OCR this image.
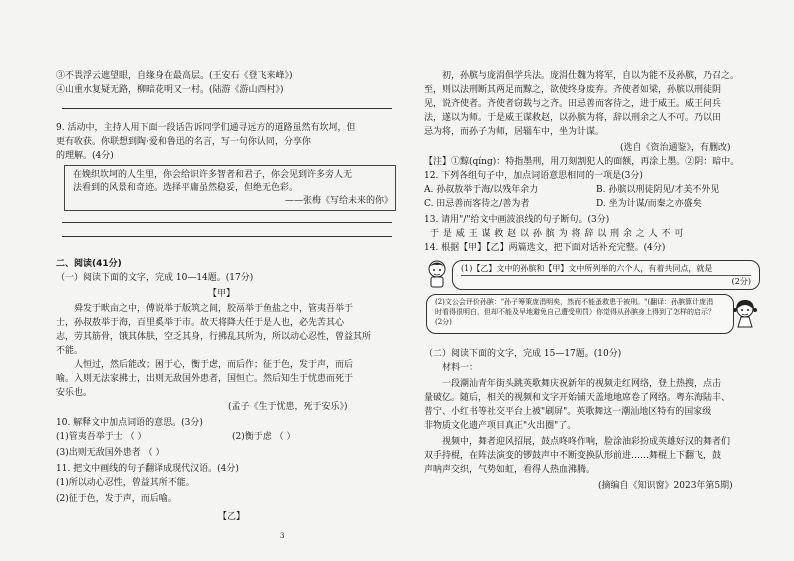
③不畏浮云遮望眼，自缘身在最高层。(王安石《登飞来峰》)
④山重水复疑无路，柳暗花明又一村。(陆游《游山西村》)
9. 活动中，主持人用下面一段话告诉同学们通寻远方的道路虽然有坎坷，但
更有收获。你联想到陶·爱和鲁迅的名言，写一句你认同，分享你
的理解。(4分)
在娩织坎坷的人生里，你会给识许多智者和君子，你会见到许多旁人无
法看到的风景和奇迹。选择平庸虽然稳妥，但绝无色彩。
——张梅《写给未来的你》
二、阅读(41分)
（一）阅读下面的文字，完成 10—14题。(17分)
【甲】
舜发于畎亩之中，傅说举于版筑之间，胶鬲举于鱼盐之中，管夷吾举于
士，孙叔敖举于海，百里奚举于市。故天将降大任于是人也，必先苦其心
志，劳其筋骨，饿其体肤，空乏其身，行拂乱其所为，所以动心忍性，曾益其所
不能。
人恒过，然后能改；困于心，衡于虑，而后作；征于色，发于声，而后
喻。入则无法家拂士，出则无敌国外患者，国恒亡。然后知生于忧患而死于
安乐也。
(孟子《生于忧患，死于安乐》)
10. 解释文中加点词语的意思。(3分)
(1)管夷吾举于士 （ ）	(2)衡于虑 （ ）
(3)出则无敌国外患者 （ ）
11. 把文中画线的句子翻译成现代汉语。(4分)
(1)所以动心忍性，曾益其所不能。
(2)征于色，发于声，而后喻。
【乙】
3
初，孙膑与庞涓俱学兵法。庞涓仕魏为将军，自以为能不及孙膑，乃召之。
至，则以法刑断其两足而黥之，欲使终身废弃。齐使者如梁，孙膑以刑徒阴
见，说齐使者。齐使者窃载与之齐。田忌善而客待之，进于威王。威王问兵
法，遂以为师。于是威王谋救赵，以孙膑为将，辞以刑余之人不可。乃以田
忌为将，而孙子为师，居辎车中，坐为计谋。
(选自《资治通鉴》，有删改)
【注】①黥(qíng)：特指墨刑，用刀刻割犯人的面额，再涂上墨。②阴：暗中。
12. 下列各组句子中，加点词语意思相同的一项是(3分)
A. 孙叔敖举于海/以残年余力	B. 孙膑以刑徒阴见/才美不外见
C. 田忌善而客待之/善为者	D. 坐为计谋/而秦之亦盛矣
13. 请用"/"给文中画波浪线的句子断句。(3分)
于 是 威 王 谋 救 赵 以 孙 膑 为 将 辞 以 刑 余 之 人 不 可
14. 根据【甲】【乙】两篇选文，把下面对话补充完整。(4分)
(1)【乙】文中的孙膑和【甲】文中所列举的六个人，有着共同点，就是
(2分)
(2)文公会评价孙膑："孙子筹策庞涓明矣，然而不能蚤救患于被刑。"(翻译：孙膑算计庞涓
时看得很明白，但却不能及早地避免自己遭受刑罚）你觉得从孙膑身上得到了怎样的启示？
(2分)
（二）阅读下面的文字，完成 15—17题。(10分)
材料一：
一段潮汕青年街头跳英歌舞庆祝新年的视频走红网络，登上热搜，点击
量破亿。随后，相关的视频和文字开始铺天盖地地席卷了网络。粤东海陆丰、
普宁、小红书等社交平台上被"刷屏"。英歌舞这一潮汕地区特有的国家级
非物质文化遗产项目真正"火出圈"了。
视频中，舞者迎风招展，鼓点咚咚作响，脸涂油彩扮成英雄好汉的舞者们
双手持棍，在阵法演变的锣鼓声中不断变换队形前进……舞棍上下翻飞，鼓
声呐声交织，气势如虹，看得人热血沸腾。
(摘编自《知识窗》2023年第5期)
